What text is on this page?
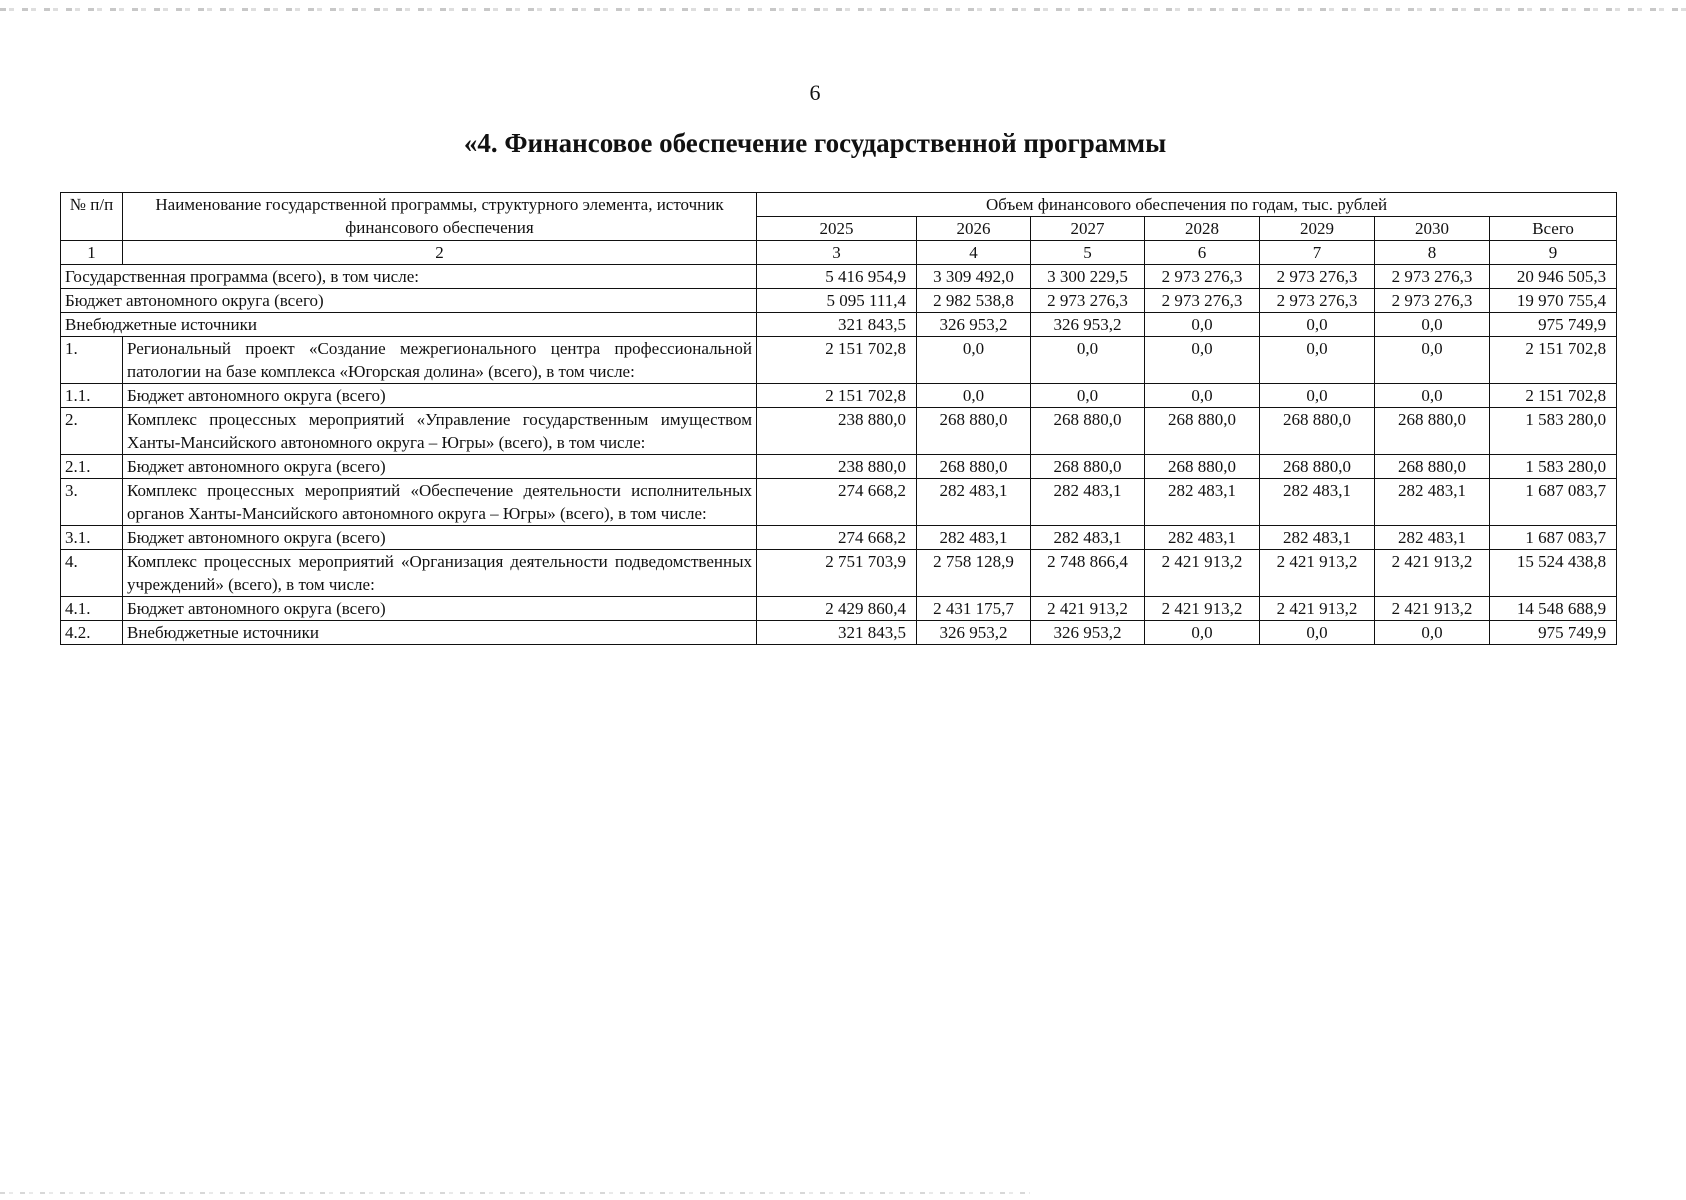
6
«4. Финансовое обеспечение государственной программы
№ п/п	Наименование государственной программы, структурного элемента, источник финансового обеспечения	Объем финансового обеспечения по годам, тыс. рублей						
		2025	2026	2027	2028	2029	2030	Всего
1	2	3	4	5	6	7	8	9
Государственная программа (всего), в том числе:		5 416 954,9	3 309 492,0	3 300 229,5	2 973 276,3	2 973 276,3	2 973 276,3	20 946 505,3
Бюджет автономного округа (всего)		5 095 111,4	2 982 538,8	2 973 276,3	2 973 276,3	2 973 276,3	2 973 276,3	19 970 755,4
Внебюджетные источники		321 843,5	326 953,2	326 953,2	0,0	0,0	0,0	975 749,9
1.	Региональный проект «Создание межрегионального центра профессиональной патологии на базе комплекса «Югорская долина» (всего), в том числе:	2 151 702,8	0,0	0,0	0,0	0,0	0,0	2 151 702,8
1.1.	Бюджет автономного округа (всего)	2 151 702,8	0,0	0,0	0,0	0,0	0,0	2 151 702,8
2.	Комплекс процессных мероприятий «Управление государственным имуществом Ханты-Мансийского автономного округа – Югры» (всего), в том числе:	238 880,0	268 880,0	268 880,0	268 880,0	268 880,0	268 880,0	1 583 280,0
2.1.	Бюджет автономного округа (всего)	238 880,0	268 880,0	268 880,0	268 880,0	268 880,0	268 880,0	1 583 280,0
3.	Комплекс процессных мероприятий «Обеспечение деятельности исполнительных органов Ханты-Мансийского автономного округа – Югры» (всего), в том числе:	274 668,2	282 483,1	282 483,1	282 483,1	282 483,1	282 483,1	1 687 083,7
3.1.	Бюджет автономного округа (всего)	274 668,2	282 483,1	282 483,1	282 483,1	282 483,1	282 483,1	1 687 083,7
4.	Комплекс процессных мероприятий «Организация деятельности подведомственных учреждений» (всего), в том числе:	2 751 703,9	2 758 128,9	2 748 866,4	2 421 913,2	2 421 913,2	2 421 913,2	15 524 438,8
4.1.	Бюджет автономного округа (всего)	2 429 860,4	2 431 175,7	2 421 913,2	2 421 913,2	2 421 913,2	2 421 913,2	14 548 688,9
4.2.	Внебюджетные источники	321 843,5	326 953,2	326 953,2	0,0	0,0	0,0	975 749,9
